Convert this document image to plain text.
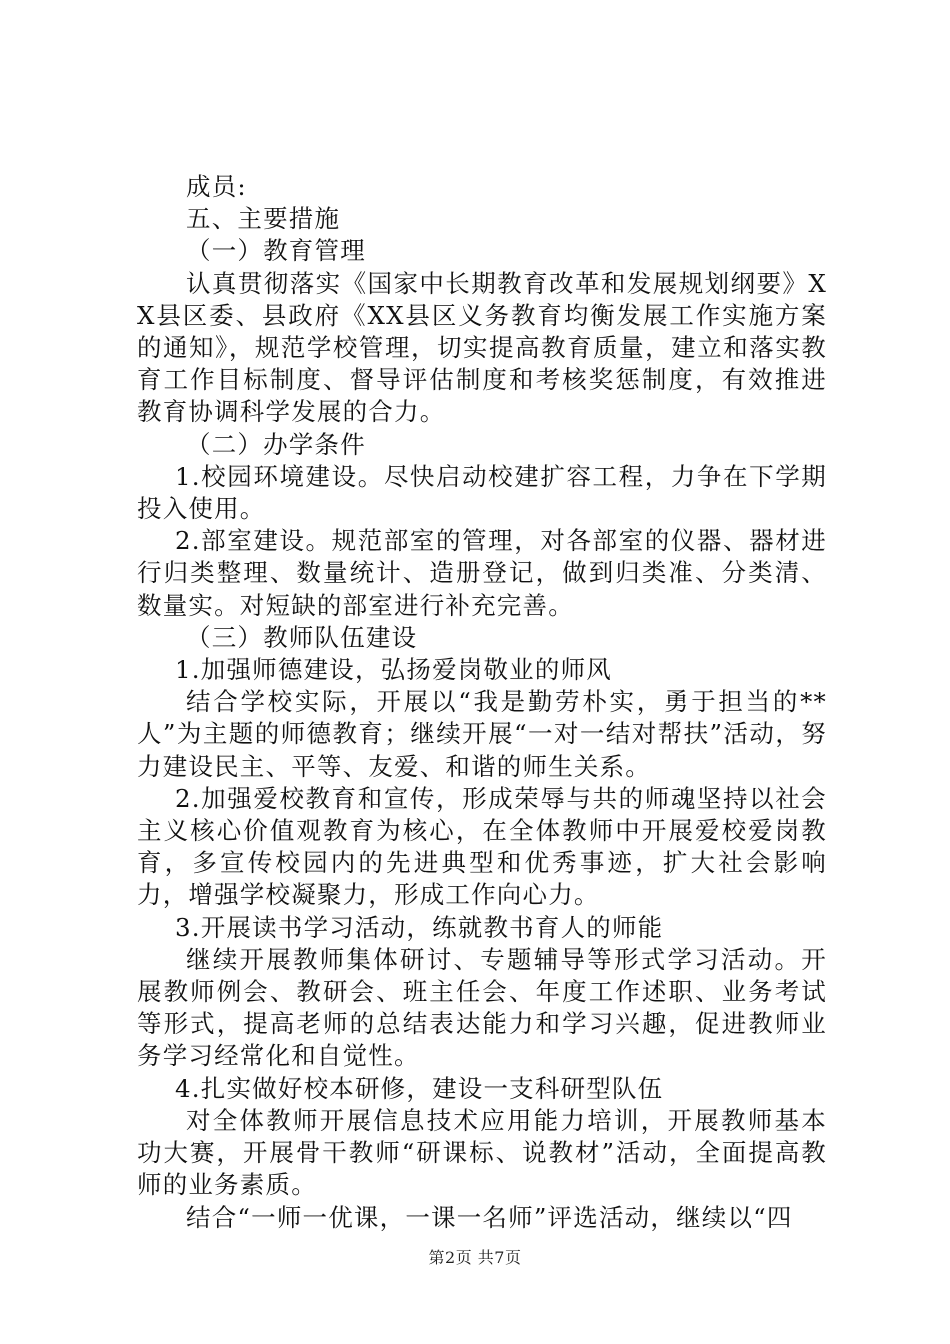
成员:

五、主要措施

（一）教育管理

认真贯彻落实《国家中长期教育改革和发展规划纲要》XX县区委、县政府《XX县区义务教育均衡发展工作实施方案的通知》，规范学校管理，切实提高教育质量，建立和落实教育工作目标制度、督导评估制度和考核奖惩制度，有效推进教育协调科学发展的合力。

（二）办学条件

1.校园环境建设。尽快启动校建扩容工程，力争在下学期投入使用。

2.部室建设。规范部室的管理，对各部室的仪器、器材进行归类整理、数量统计、造册登记，做到归类准、分类清、数量实。对短缺的部室进行补充完善。

（三）教师队伍建设

1.加强师德建设，弘扬爱岗敬业的师风

结合学校实际，开展以“我是勤劳朴实，勇于担当的**人”为主题的师德教育；继续开展“一对一结对帮扶”活动，努力建设民主、平等、友爱、和谐的师生关系。

2.加强爱校教育和宣传，形成荣辱与共的师魂坚持以社会主义核心价值观教育为核心，在全体教师中开展爱校爱岗教育，多宣传校园内的先进典型和优秀事迹，扩大社会影响力，增强学校凝聚力，形成工作向心力。

3.开展读书学习活动，练就教书育人的师能

继续开展教师集体研讨、专题辅导等形式学习活动。开展教师例会、教研会、班主任会、年度工作述职、业务考试等形式，提高老师的总结表达能力和学习兴趣，促进教师业务学习经常化和自觉性。

4.扎实做好校本研修，建设一支科研型队伍

对全体教师开展信息技术应用能力培训，开展教师基本功大赛，开展骨干教师“研课标、说教材”活动，全面提高教师的业务素质。

结合“一师一优课，一课一名师”评选活动，继续以“四

第2页 共7页
